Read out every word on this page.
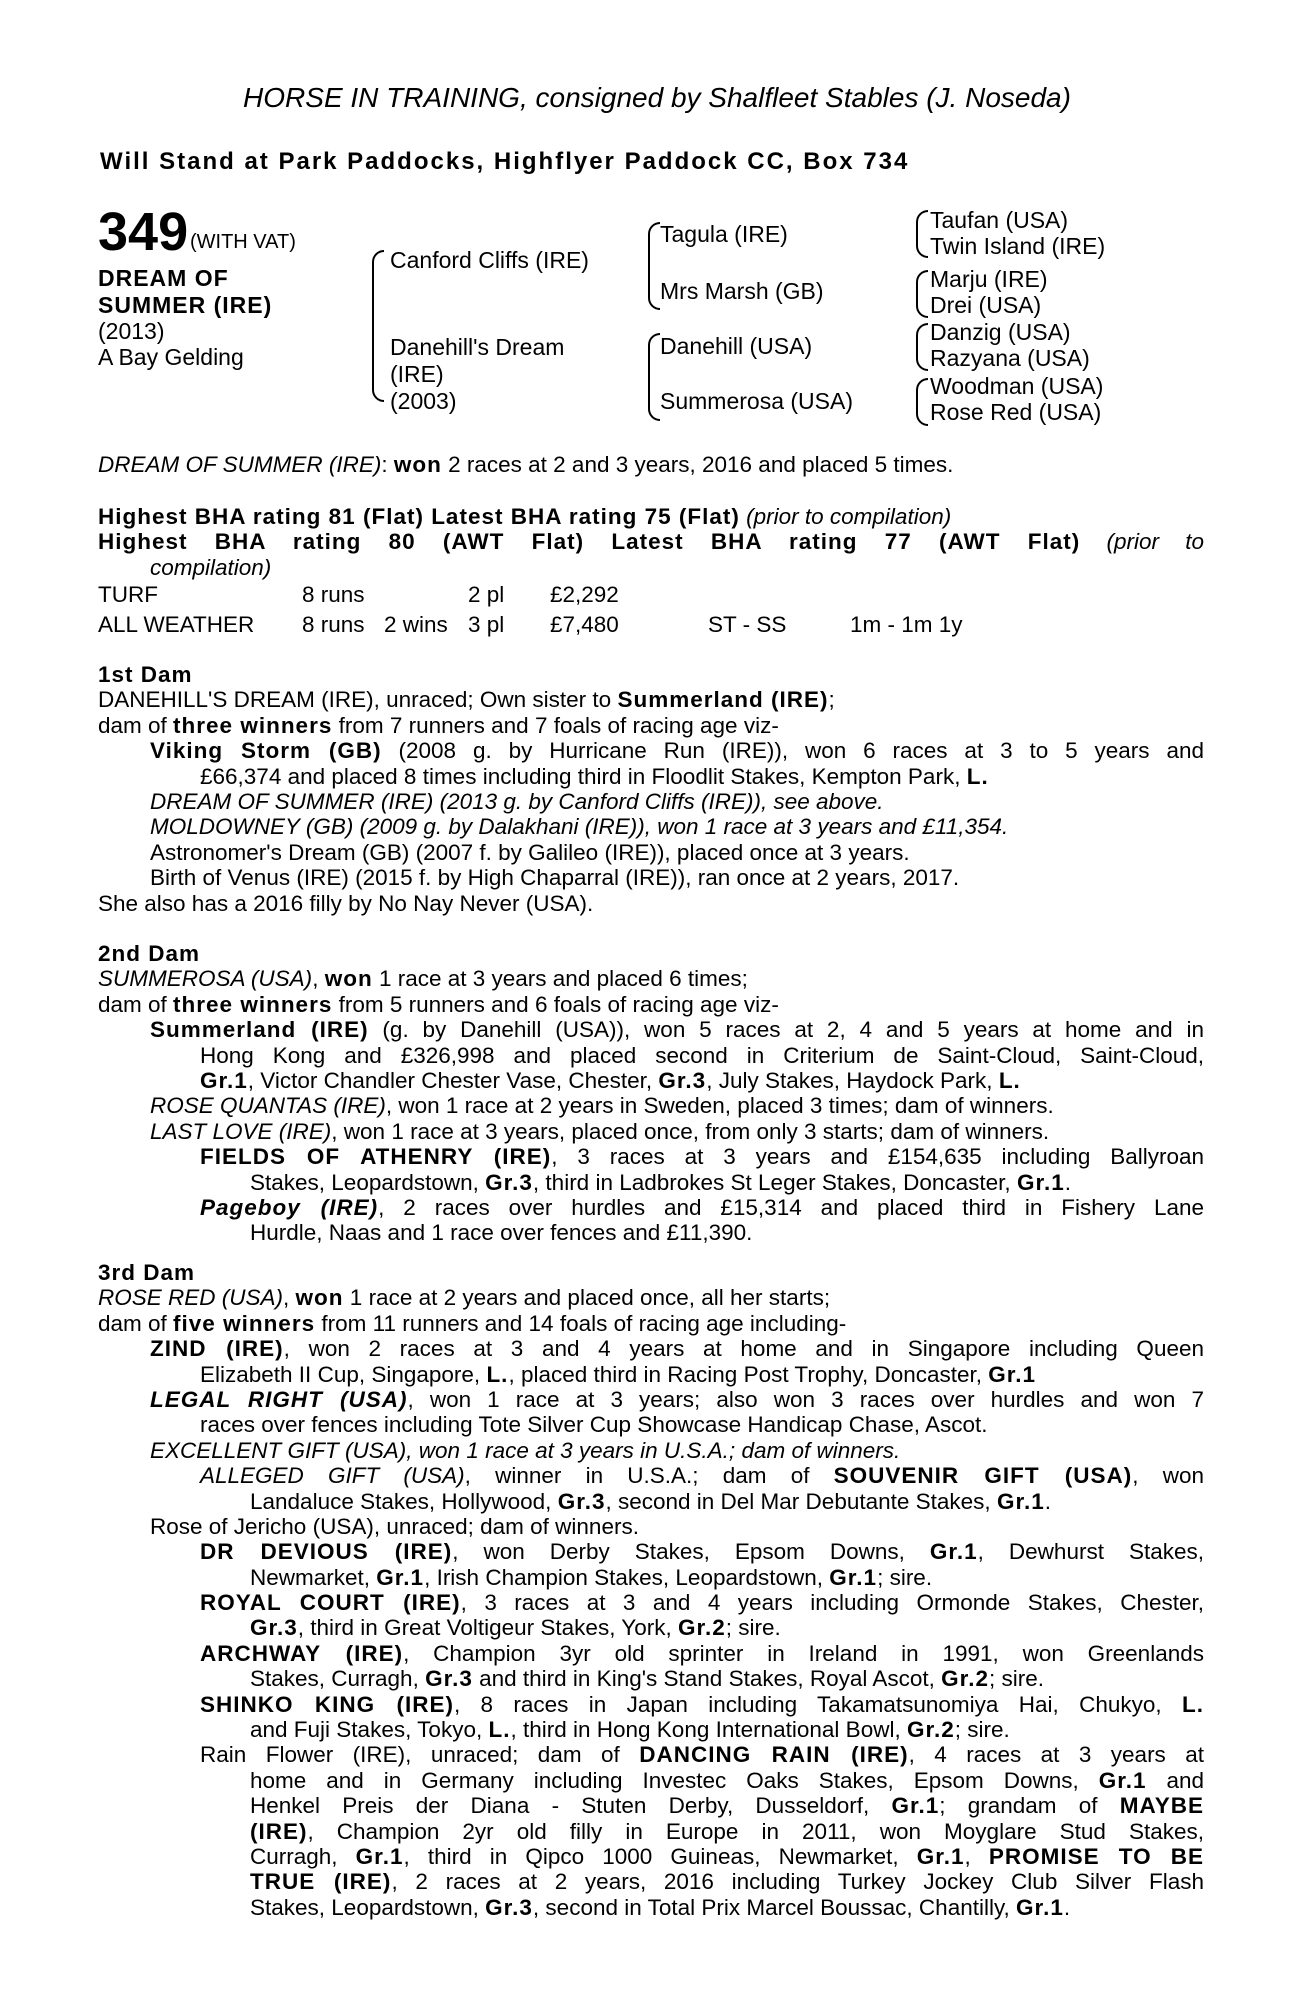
HORSE IN TRAINING, consigned by Shalfleet Stables (J. Noseda)
Will Stand at Park Paddocks, Highflyer Paddock CC, Box 734
349 (WITH VAT)
DREAM OF
SUMMER (IRE)
(2013)
A Bay Gelding
Canford Cliffs (IRE)
Danehill's Dream
(IRE)
(2003)
Tagula (IRE)
Mrs Marsh (GB)
Danehill (USA)
Summerosa (USA)
Taufan (USA)
Twin Island (IRE)
Marju (IRE)
Drei (USA)
Danzig (USA)
Razyana (USA)
Woodman (USA)
Rose Red (USA)
DREAM OF SUMMER (IRE): won 2 races at 2 and 3 years, 2016 and placed 5 times.
Highest BHA rating 81 (Flat) Latest BHA rating 75 (Flat) (prior to compilation)
Highest BHA rating 80 (AWT Flat) Latest BHA rating 77 (AWT Flat) (prior to
compilation)
TURF	8 runs		2 pl	£2,292		
ALL WEATHER	8 runs	2 wins	3 pl	£7,480	ST - SS	1m - 1m 1y
1st Dam
DANEHILL'S DREAM (IRE), unraced; Own sister to Summerland (IRE);
dam of three winners from 7 runners and 7 foals of racing age viz-
Viking Storm (GB) (2008 g. by Hurricane Run (IRE)), won 6 races at 3 to 5 years and
£66,374 and placed 8 times including third in Floodlit Stakes, Kempton Park, L.
DREAM OF SUMMER (IRE) (2013 g. by Canford Cliffs (IRE)), see above.
MOLDOWNEY (GB) (2009 g. by Dalakhani (IRE)), won 1 race at 3 years and £11,354.
Astronomer's Dream (GB) (2007 f. by Galileo (IRE)), placed once at 3 years.
Birth of Venus (IRE) (2015 f. by High Chaparral (IRE)), ran once at 2 years, 2017.
She also has a 2016 filly by No Nay Never (USA).
2nd Dam
SUMMEROSA (USA), won 1 race at 3 years and placed 6 times;
dam of three winners from 5 runners and 6 foals of racing age viz-
Summerland (IRE) (g. by Danehill (USA)), won 5 races at 2, 4 and 5 years at home and in
Hong Kong and £326,998 and placed second in Criterium de Saint-Cloud, Saint-Cloud,
Gr.1, Victor Chandler Chester Vase, Chester, Gr.3, July Stakes, Haydock Park, L.
ROSE QUANTAS (IRE), won 1 race at 2 years in Sweden, placed 3 times; dam of winners.
LAST LOVE (IRE), won 1 race at 3 years, placed once, from only 3 starts; dam of winners.
FIELDS OF ATHENRY (IRE), 3 races at 3 years and £154,635 including Ballyroan
Stakes, Leopardstown, Gr.3, third in Ladbrokes St Leger Stakes, Doncaster, Gr.1.
Pageboy (IRE), 2 races over hurdles and £15,314 and placed third in Fishery Lane
Hurdle, Naas and 1 race over fences and £11,390.
3rd Dam
ROSE RED (USA), won 1 race at 2 years and placed once, all her starts;
dam of five winners from 11 runners and 14 foals of racing age including-
ZIND (IRE), won 2 races at 3 and 4 years at home and in Singapore including Queen
Elizabeth II Cup, Singapore, L., placed third in Racing Post Trophy, Doncaster, Gr.1
LEGAL RIGHT (USA), won 1 race at 3 years; also won 3 races over hurdles and won 7
races over fences including Tote Silver Cup Showcase Handicap Chase, Ascot.
EXCELLENT GIFT (USA), won 1 race at 3 years in U.S.A.; dam of winners.
ALLEGED GIFT (USA), winner in U.S.A.; dam of SOUVENIR GIFT (USA), won
Landaluce Stakes, Hollywood, Gr.3, second in Del Mar Debutante Stakes, Gr.1.
Rose of Jericho (USA), unraced; dam of winners.
DR DEVIOUS (IRE), won Derby Stakes, Epsom Downs, Gr.1, Dewhurst Stakes,
Newmarket, Gr.1, Irish Champion Stakes, Leopardstown, Gr.1; sire.
ROYAL COURT (IRE), 3 races at 3 and 4 years including Ormonde Stakes, Chester,
Gr.3, third in Great Voltigeur Stakes, York, Gr.2; sire.
ARCHWAY (IRE), Champion 3yr old sprinter in Ireland in 1991, won Greenlands
Stakes, Curragh, Gr.3 and third in King's Stand Stakes, Royal Ascot, Gr.2; sire.
SHINKO KING (IRE), 8 races in Japan including Takamatsunomiya Hai, Chukyo, L.
and Fuji Stakes, Tokyo, L., third in Hong Kong International Bowl, Gr.2; sire.
Rain Flower (IRE), unraced; dam of DANCING RAIN (IRE), 4 races at 3 years at
home and in Germany including Investec Oaks Stakes, Epsom Downs, Gr.1 and
Henkel Preis der Diana - Stuten Derby, Dusseldorf, Gr.1; grandam of MAYBE
(IRE), Champion 2yr old filly in Europe in 2011, won Moyglare Stud Stakes,
Curragh, Gr.1, third in Qipco 1000 Guineas, Newmarket, Gr.1, PROMISE TO BE
TRUE (IRE), 2 races at 2 years, 2016 including Turkey Jockey Club Silver Flash
Stakes, Leopardstown, Gr.3, second in Total Prix Marcel Boussac, Chantilly, Gr.1.
